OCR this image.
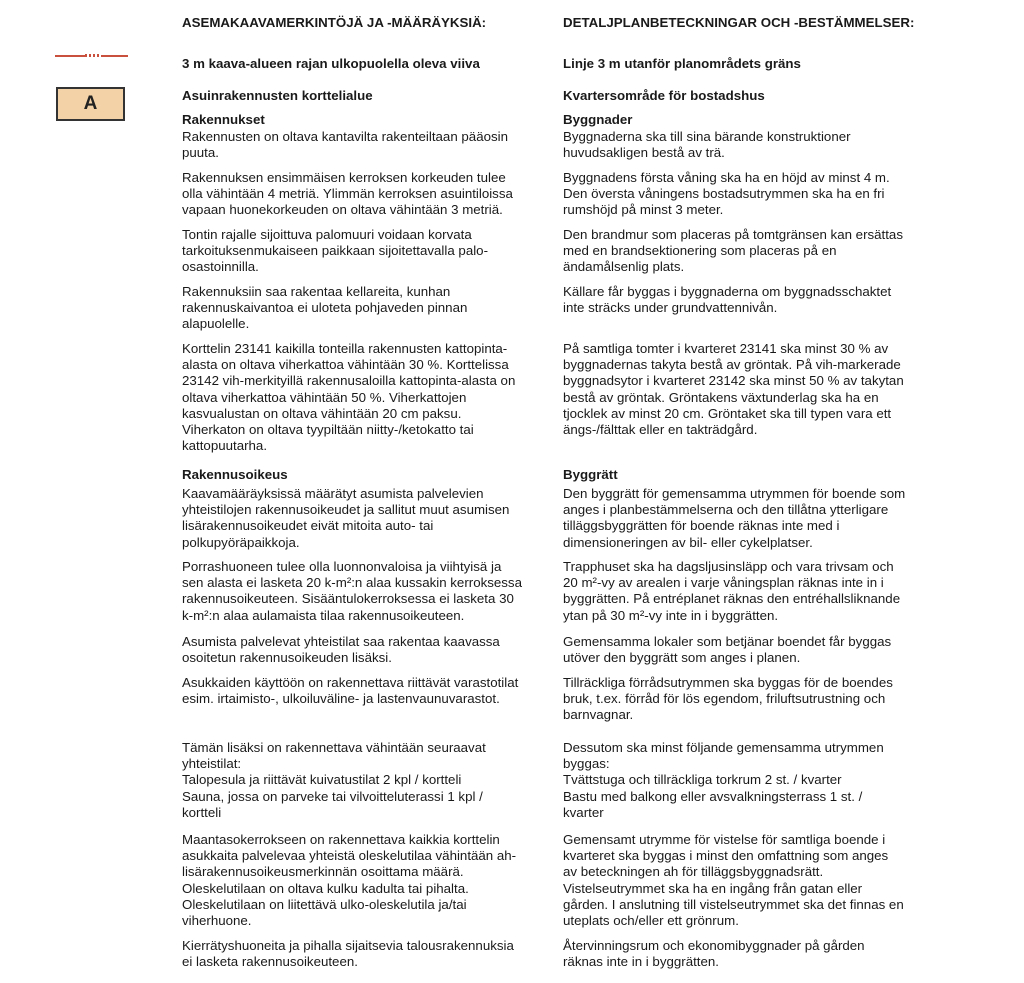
A
ASEMAKAAVAMERKINTÖJÄ JA -MÄÄRÄYKSIÄ:
3 m kaava-alueen rajan ulkopuolella oleva viiva
Asuinrakennusten korttelialue
Rakennukset
Rakennusten on oltava kantavilta rakenteiltaan pääosin
puuta.
Rakennuksen ensimmäisen kerroksen korkeuden tulee
olla vähintään 4 metriä. Ylimmän kerroksen asuintiloissa
vapaan huonekorkeuden on oltava vähintään 3 metriä.
Tontin rajalle sijoittuva palomuuri voidaan korvata
tarkoituksenmukaiseen paikkaan sijoitettavalla palo-
osastoinnilla.
Rakennuksiin saa rakentaa kellareita, kunhan
rakennuskaivantoa ei uloteta pohjaveden pinnan
alapuolelle.
Korttelin 23141 kaikilla tonteilla rakennusten kattopinta-
alasta on oltava viherkattoa vähintään 30 %. Korttelissa
23142 vih-merkityillä rakennusaloilla kattopinta-alasta on
oltava viherkattoa vähintään 50 %. Viherkattojen
kasvualustan on oltava vähintään 20 cm paksu.
Viherkaton on oltava tyypiltään niitty-/ketokatto tai
kattopuutarha.
Rakennusoikeus
Kaavamääräyksissä määrätyt asumista palvelevien
yhteistilojen rakennusoikeudet ja sallitut muut asumisen
lisärakennusoikeudet eivät mitoita auto- tai
polkupyöräpaikkoja.
Porrashuoneen tulee olla luonnonvaloisa ja viihtyisä ja
sen alasta ei lasketa 20 k-m²:n alaa kussakin kerroksessa
rakennusoikeuteen. Sisääntulokerroksessa ei lasketa 30
k-m²:n alaa aulamaista tilaa rakennusoikeuteen.
Asumista palvelevat yhteistilat saa rakentaa kaavassa
osoitetun rakennusoikeuden lisäksi.
Asukkaiden käyttöön on rakennettava riittävät varastotilat
esim. irtaimisto-, ulkoiluväline- ja lastenvaunuvarastot.
Tämän lisäksi on rakennettava vähintään seuraavat
yhteistilat:
Talopesula ja riittävät kuivatustilat 2 kpl / kortteli
Sauna, jossa on parveke tai vilvoitteluterassi 1 kpl /
kortteli
Maantasokerrokseen on rakennettava kaikkia korttelin
asukkaita palvelevaa yhteistä oleskelutilaa vähintään ah-
lisärakennusoikeusmerkinnän osoittama määrä.
Oleskelutilaan on oltava kulku kadulta tai pihalta.
Oleskelutilaan on liitettävä ulko-oleskelutila ja/tai
viherhuone.
Kierrätyshuoneita ja pihalla sijaitsevia talousrakennuksia
ei lasketa rakennusoikeuteen.
DETALJPLANBETECKNINGAR OCH -BESTÄMMELSER:
Linje 3 m utanför planområdets gräns
Kvartersområde för bostadshus
Byggnader
Byggnaderna ska till sina bärande konstruktioner
huvudsakligen bestå av trä.
Byggnadens första våning ska ha en höjd av minst 4 m.
Den översta våningens bostadsutrymmen ska ha en fri
rumshöjd på minst 3 meter.
Den brandmur som placeras på tomtgränsen kan ersättas
med en brandsektionering som placeras på en
ändamålsenlig plats.
Källare får byggas i byggnaderna om byggnadsschaktet
inte sträcks under grundvattennivån.
På samtliga tomter i kvarteret 23141 ska minst 30 % av
byggnadernas takyta bestå av gröntak. På vih-markerade
byggnadsytor i kvarteret 23142 ska minst 50 % av takytan
bestå av gröntak. Gröntakens växtunderlag ska ha en
tjocklek av minst 20 cm. Gröntaket ska till typen vara ett
ängs-/fälttak eller en takträdgård.
Byggrätt
Den byggrätt för gemensamma utrymmen för boende som
anges i planbestämmelserna och den tillåtna ytterligare
tilläggsbyggrätten för boende räknas inte med i
dimensioneringen av bil- eller cykelplatser.
Trapphuset ska ha dagsljusinsläpp och vara trivsam och
20 m²-vy av arealen i varje våningsplan räknas inte in i
byggrätten. På entréplanet räknas den entréhallsliknande
ytan på 30 m²-vy inte in i byggrätten.
Gemensamma lokaler som betjänar boendet får byggas
utöver den byggrätt som anges i planen.
Tillräckliga förrådsutrymmen ska byggas för de boendes
bruk, t.ex. förråd för lös egendom, friluftsutrustning och
barnvagnar.
Dessutom ska minst följande gemensamma utrymmen
byggas:
Tvättstuga och tillräckliga torkrum 2 st. / kvarter
Bastu med balkong eller avsvalkningsterrass 1 st. /
kvarter
Gemensamt utrymme för vistelse för samtliga boende i
kvarteret ska byggas i minst den omfattning som anges
av beteckningen ah för tilläggsbyggnadsrätt.
Vistelseutrymmet ska ha en ingång från gatan eller
gården. I anslutning till vistelseutrymmet ska det finnas en
uteplats och/eller ett grönrum.
Återvinningsrum och ekonomibyggnader på gården
räknas inte in i byggrätten.
